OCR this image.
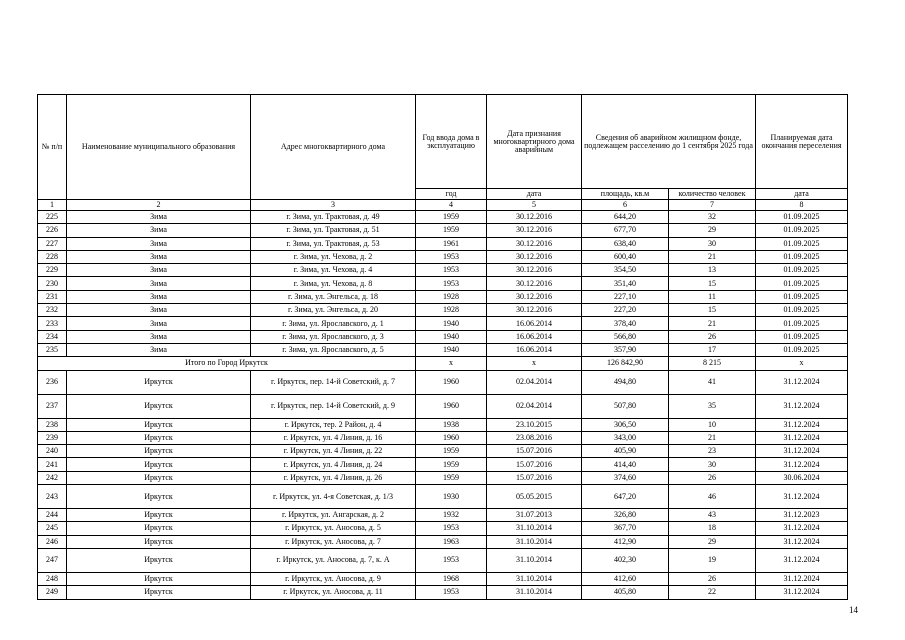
№ п/п	Наименование муниципального образования	Адрес многоквартирного дома	Год ввода дома в эксплуатацию	Дата признания многоквартирного дома аварийным	Сведения об аварийном жилищном фонде, подлежащем расселению до 1 сентября 2025 года		Планируемая дата окончания переселения
			год	дата	площадь, кв.м	количество человек	дата
1	2	3	4	5	6	7	8
225	Зима	г. Зима, ул. Трактовая, д. 49	1959	30.12.2016	644,20	32	01.09.2025
226	Зима	г. Зима, ул. Трактовая, д. 51	1959	30.12.2016	677,70	29	01.09.2025
227	Зима	г. Зима, ул. Трактовая, д. 53	1961	30.12.2016	638,40	30	01.09.2025
228	Зима	г. Зима, ул. Чехова, д. 2	1953	30.12.2016	600,40	21	01.09.2025
229	Зима	г. Зима, ул. Чехова, д. 4	1953	30.12.2016	354,50	13	01.09.2025
230	Зима	г. Зима, ул. Чехова, д. 8	1953	30.12.2016	351,40	15	01.09.2025
231	Зима	г. Зима, ул. Энгельса, д. 18	1928	30.12.2016	227,10	11	01.09.2025
232	Зима	г. Зима, ул. Энгельса, д. 20	1928	30.12.2016	227,20	15	01.09.2025
233	Зима	г. Зима, ул. Ярославского, д. 1	1940	16.06.2014	378,40	21	01.09.2025
234	Зима	г. Зима, ул. Ярославского, д. 3	1940	16.06.2014	566,80	26	01.09.2025
235	Зима	г. Зима, ул. Ярославского, д. 5	1940	16.06.2014	357,90	17	01.09.2025
Итого по Город Иркутск			х	х	126 842,90	8 215	х
236	Иркутск	г. Иркутск, пер. 14-й Советский, д. 7	1960	02.04.2014	494,80	41	31.12.2024
237	Иркутск	г. Иркутск, пер. 14-й Советский, д. 9	1960	02.04.2014	507,80	35	31.12.2024
238	Иркутск	г. Иркутск, тер. 2 Район, д. 4	1938	23.10.2015	306,50	10	31.12.2024
239	Иркутск	г. Иркутск, ул. 4 Линия, д. 16	1960	23.08.2016	343,00	21	31.12.2024
240	Иркутск	г. Иркутск, ул. 4 Линия, д. 22	1959	15.07.2016	405,90	23	31.12.2024
241	Иркутск	г. Иркутск, ул. 4 Линия, д. 24	1959	15.07.2016	414,40	30	31.12.2024
242	Иркутск	г. Иркутск, ул. 4 Линия, д. 26	1959	15.07.2016	374,60	26	30.06.2024
243	Иркутск	г. Иркутск, ул. 4-я Советская, д. 1/3	1930	05.05.2015	647,20	46	31.12.2024
244	Иркутск	г. Иркутск, ул. Ангарская, д. 2	1932	31.07.2013	326,80	43	31.12.2023
245	Иркутск	г. Иркутск, ул. Аносова, д. 5	1953	31.10.2014	367,70	18	31.12.2024
246	Иркутск	г. Иркутск, ул. Аносова, д. 7	1963	31.10.2014	412,90	29	31.12.2024
247	Иркутск	г. Иркутск, ул. Аносова, д. 7, к. А	1953	31.10.2014	402,30	19	31.12.2024
248	Иркутск	г. Иркутск, ул. Аносова, д. 9	1968	31.10.2014	412,60	26	31.12.2024
249	Иркутск	г. Иркутск, ул. Аносова, д. 11	1953	31.10.2014	405,80	22	31.12.2024
14
